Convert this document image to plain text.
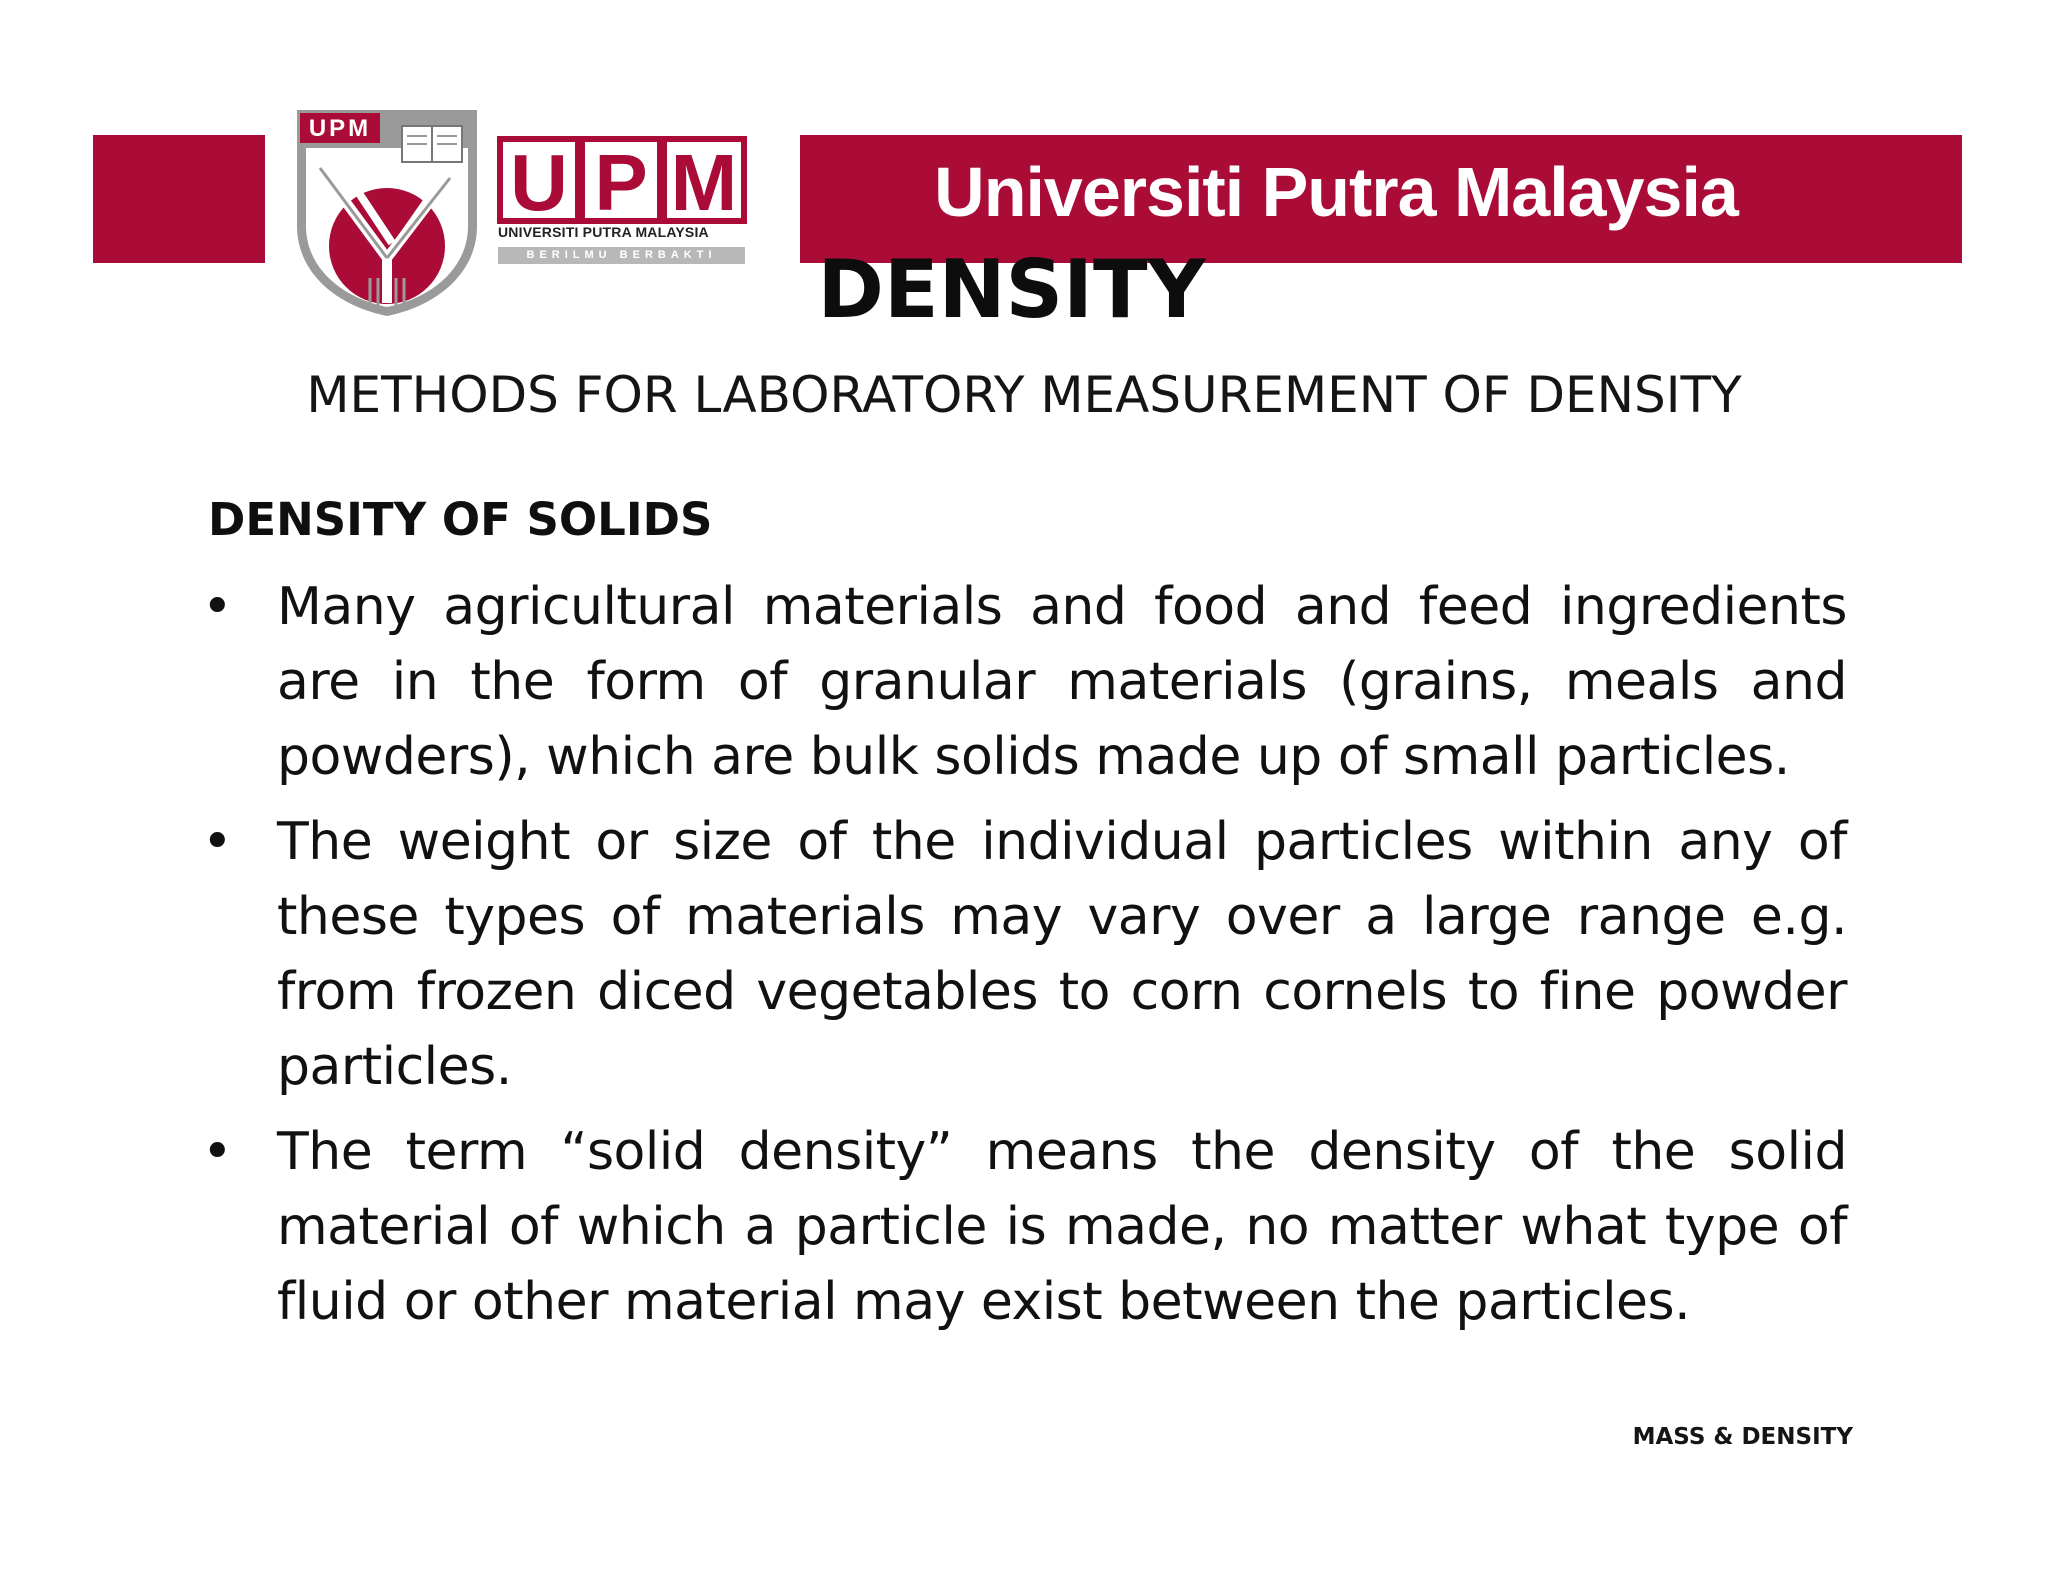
Universiti Putra Malaysia
UPM
U P M
UNIVERSITI PUTRA MALAYSIA
BERILMU BERBAKTI	DENSITY
METHODS FOR LABORATORY MEASUREMENT OF DENSITY
DENSITY OF SOLIDS
• Many agricultural materials and food and feed ingredients are in the form of granular materials (grains, meals and powders), which are bulk solids made up of small particles.
• The weight or size of the individual particles within any of these types of materials may vary over a large range e.g. from frozen diced vegetables to corn cornels to fine powder particles.
• The term “solid density” means the density of the solid material of which a particle is made, no matter what type of fluid or other material may exist between the particles.
MASS & DENSITY
